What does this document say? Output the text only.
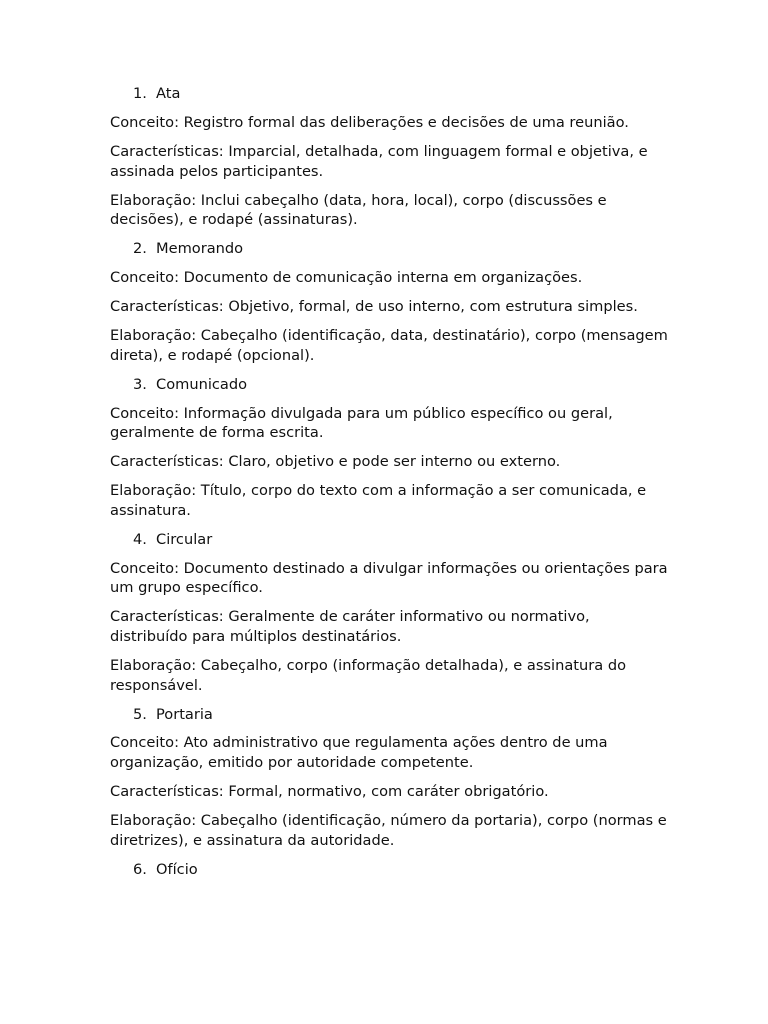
1. Ata

Conceito: Registro formal das deliberações e decisões de uma reunião.

Características: Imparcial, detalhada, com linguagem formal e objetiva, e assinada pelos participantes.

Elaboração: Inclui cabeçalho (data, hora, local), corpo (discussões e decisões), e rodapé (assinaturas).

2. Memorando

Conceito: Documento de comunicação interna em organizações.

Características: Objetivo, formal, de uso interno, com estrutura simples.

Elaboração: Cabeçalho (identificação, data, destinatário), corpo (mensagem direta), e rodapé (opcional).

3. Comunicado

Conceito: Informação divulgada para um público específico ou geral, geralmente de forma escrita.

Características: Claro, objetivo e pode ser interno ou externo.

Elaboração: Título, corpo do texto com a informação a ser comunicada, e assinatura.

4. Circular

Conceito: Documento destinado a divulgar informações ou orientações para um grupo específico.

Características: Geralmente de caráter informativo ou normativo, distribuído para múltiplos destinatários.

Elaboração: Cabeçalho, corpo (informação detalhada), e assinatura do responsável.

5. Portaria

Conceito: Ato administrativo que regulamenta ações dentro de uma organização, emitido por autoridade competente.

Características: Formal, normativo, com caráter obrigatório.

Elaboração: Cabeçalho (identificação, número da portaria), corpo (normas e diretrizes), e assinatura da autoridade.

6. Ofício
